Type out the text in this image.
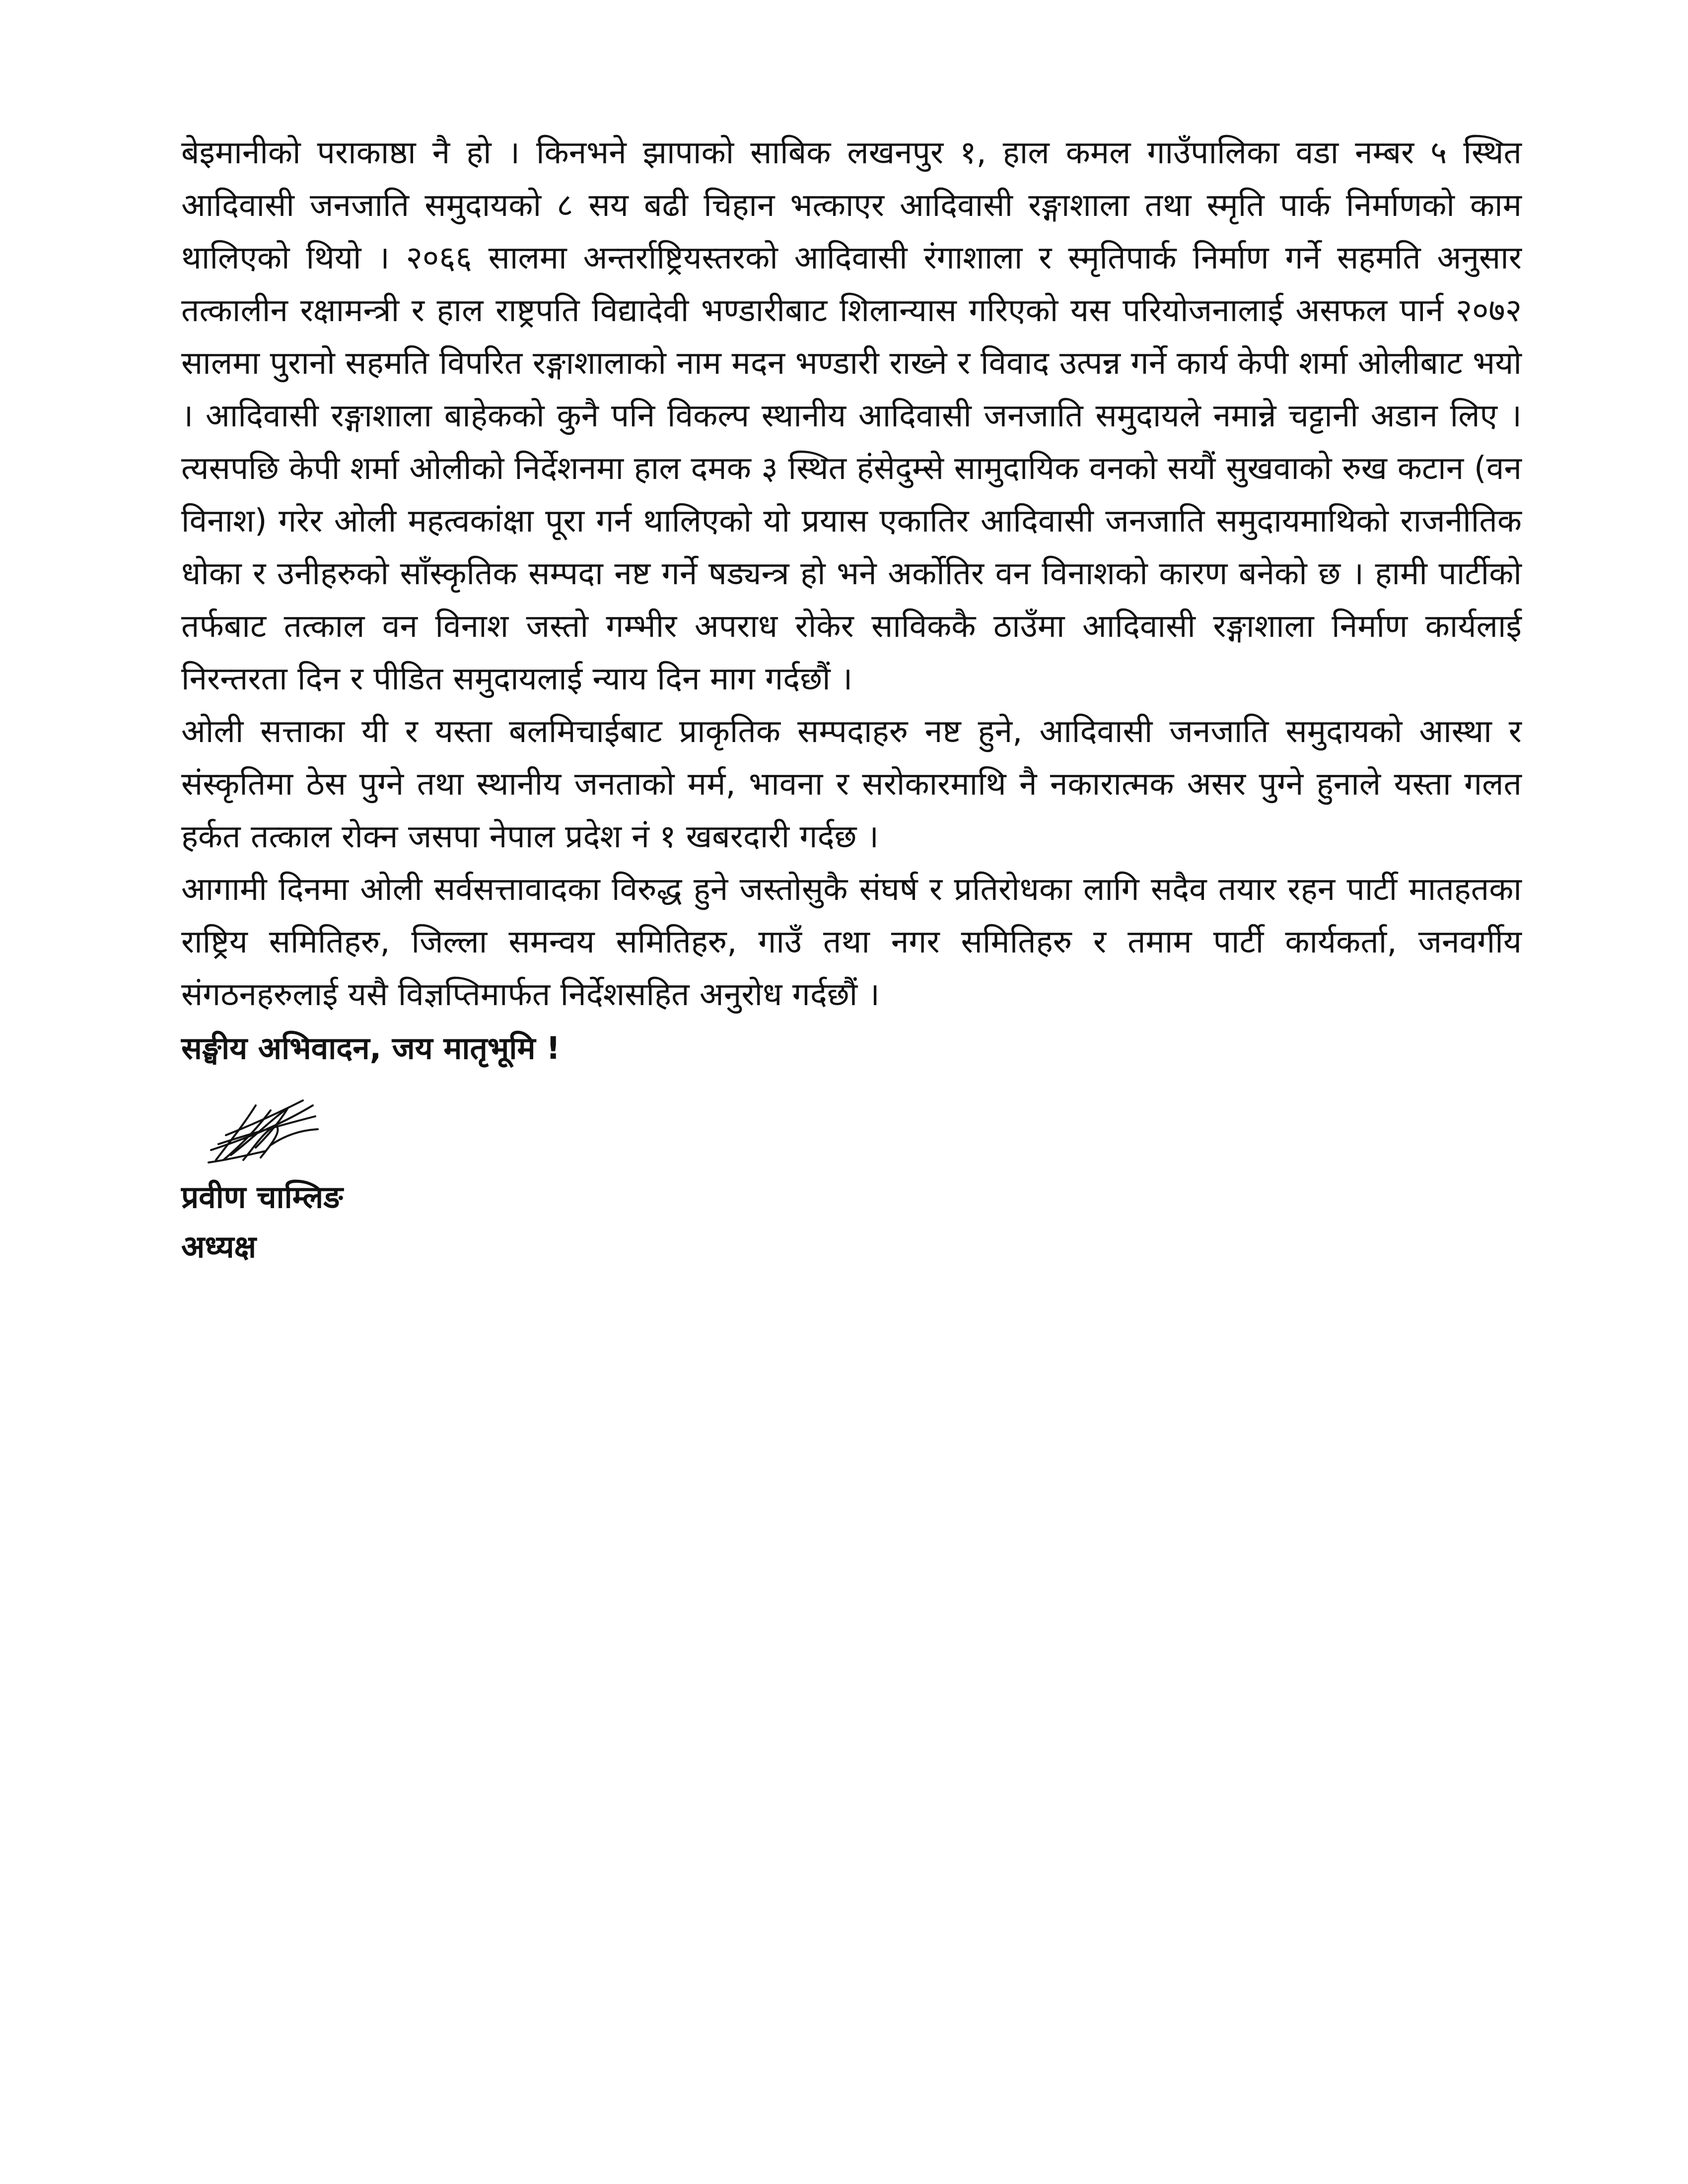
बेइमानीको पराकाष्ठा नै हो । किनभने झापाको साबिक लखनपुर १, हाल कमल गाउँपालिका वडा नम्बर ५ स्थित आदिवासी जनजाति समुदायको ८ सय बढी चिहान भत्काएर आदिवासी रङ्गाशाला तथा स्मृति पार्क निर्माणको काम थालिएको थियो । २०६६ सालमा अन्तर्राष्ट्रियस्तरको आदिवासी रंगाशाला र स्मृतिपार्क निर्माण गर्ने सहमति अनुसार तत्कालीन रक्षामन्त्री र हाल राष्ट्रपति विद्यादेवी भण्डारीबाट शिलान्यास गरिएको यस परियोजनालाई असफल पार्न २०७२ सालमा पुरानो सहमति विपरित रङ्गाशालाको नाम मदन भण्डारी राख्ने र विवाद उत्पन्न गर्ने कार्य केपी शर्मा ओलीबाट भयो । आदिवासी रङ्गाशाला बाहेकको कुनै पनि विकल्प स्थानीय आदिवासी जनजाति समुदायले नमान्ने चट्टानी अडान लिए । त्यसपछि केपी शर्मा ओलीको निर्देशनमा हाल दमक ३ स्थित हंसेदुम्से सामुदायिक वनको सयौं सुखवाको रुख कटान (वन विनाश) गरेर ओली महत्वकांक्षा पूरा गर्न थालिएको यो प्रयास एकातिर आदिवासी जनजाति समुदायमाथिको राजनीतिक धोका र उनीहरुको साँस्कृतिक सम्पदा नष्ट गर्ने षड्यन्त्र हो भने अर्कोतिर वन विनाशको कारण बनेको छ । हामी पार्टीको तर्फबाट तत्काल वन विनाश जस्तो गम्भीर अपराध रोकेर साविककै ठाउँमा आदिवासी रङ्गाशाला निर्माण कार्यलाई निरन्तरता दिन र पीडित समुदायलाई न्याय दिन माग गर्दछौं ।

ओली सत्ताका यी र यस्ता बलमिचाईबाट प्राकृतिक सम्पदाहरु नष्ट हुने, आदिवासी जनजाति समुदायको आस्था र संस्कृतिमा ठेस पुग्ने तथा स्थानीय जनताको मर्म, भावना र सरोकारमाथि नै नकारात्मक असर पुग्ने हुनाले यस्ता गलत हर्कत तत्काल रोक्न जसपा नेपाल प्रदेश नं १ खबरदारी गर्दछ ।

आगामी दिनमा ओली सर्वसत्तावादका विरुद्ध हुने जस्तोसुकै संघर्ष र प्रतिरोधका लागि सदैव तयार रहन पार्टी मातहतका राष्ट्रिय समितिहरु, जिल्ला समन्वय समितिहरु, गाउँ तथा नगर समितिहरु र तमाम पार्टी कार्यकर्ता, जनवर्गीय संगठनहरुलाई यसै विज्ञप्तिमार्फत निर्देशसहित अनुरोध गर्दछौं ।

सङ्घीय अभिवादन, जय मातृभूमि !

प्रवीण चाम्लिङ

अध्यक्ष
